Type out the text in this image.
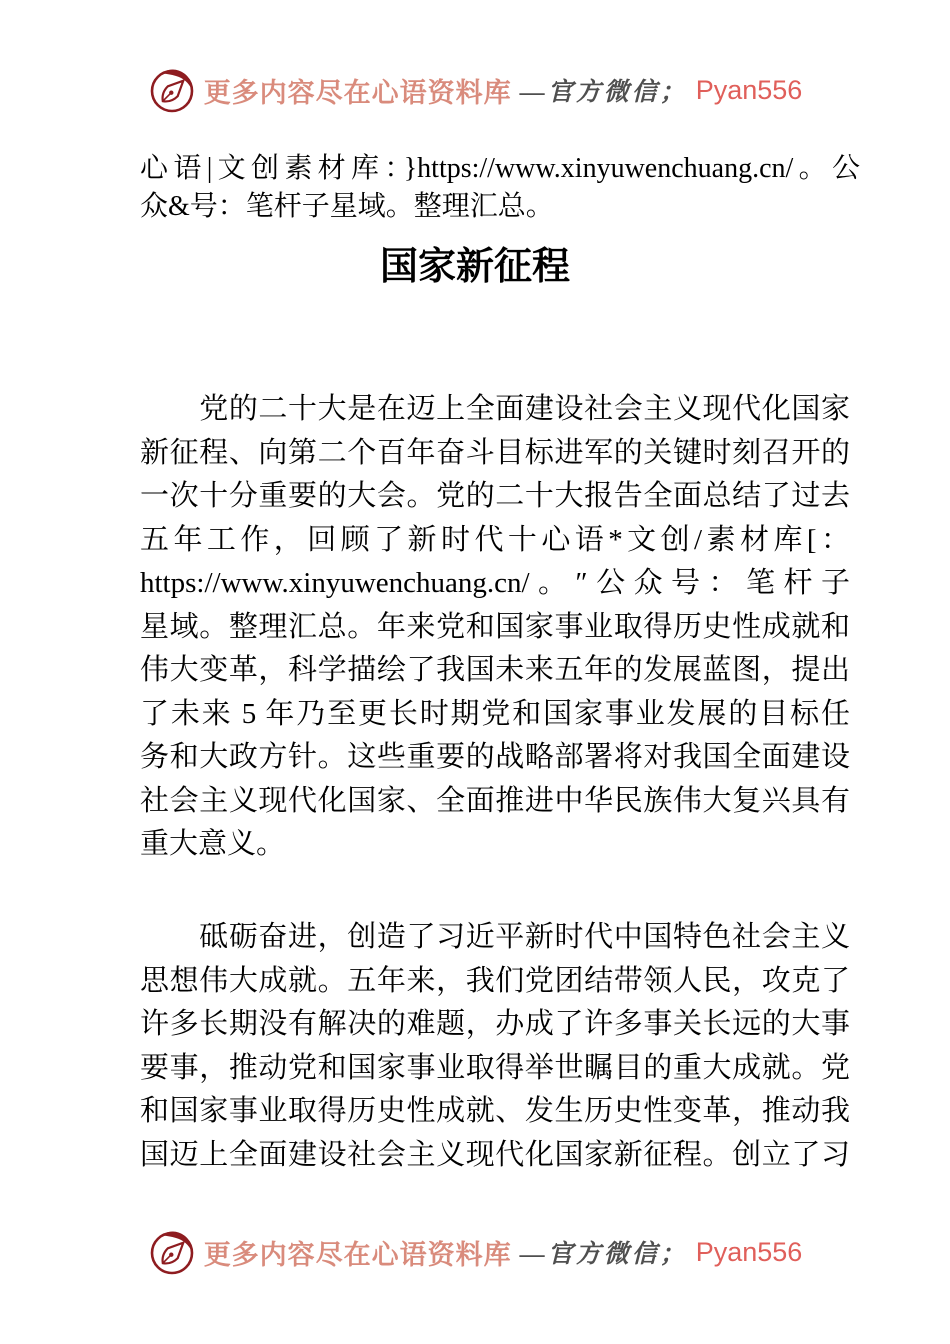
更多内容尽在心语资料库 —官方微信； Pyan556
心语|文创素材库：}https://www.xinyuwenchuang.cn/。公
众&号：笔杆子星域。整理汇总。
国家新征程
　　党的二十大是在迈上全面建设社会主义现代化国家
新征程、向第二个百年奋斗目标进军的关键时刻召开的
一次十分重要的大会。党的二十大报告全面总结了过去
五年工作，回顾了新时代十心语*文创/素材库[：
https://www.xinyuwenchuang.cn/。″公众号：笔杆子
星域。整理汇总。年来党和国家事业取得历史性成就和
伟大变革，科学描绘了我国未来五年的发展蓝图，提出
了未来 5 年乃至更长时期党和国家事业发展的目标任
务和大政方针。这些重要的战略部署将对我国全面建设
社会主义现代化国家、全面推进中华民族伟大复兴具有
重大意义。
　　砥砺奋进，创造了习近平新时代中国特色社会主义
思想伟大成就。五年来，我们党团结带领人民，攻克了
许多长期没有解决的难题，办成了许多事关长远的大事
要事，推动党和国家事业取得举世瞩目的重大成就。党
和国家事业取得历史性成就、发生历史性变革，推动我
国迈上全面建设社会主义现代化国家新征程。创立了习
更多内容尽在心语资料库 —官方微信； Pyan556
